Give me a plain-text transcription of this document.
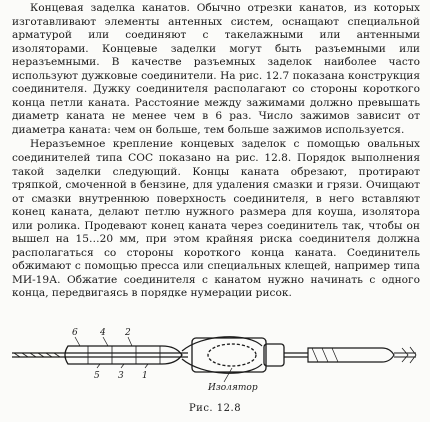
Концевая заделка канатов. Обычно отрезки канатов, из которых изготавливают элементы антенных систем, оснащают специальной арматурой или соединяют с такелажными или антенными изоляторами. Концевые заделки могут быть разъемными или неразъемными. В качестве разъемных заделок наиболее часто используют дужковые соединители. На рис. 12.7 показана конструкция соединителя. Дужку соединителя располагают со стороны короткого конца петли каната. Расстояние между зажимами должно превышать диаметр каната не менее чем в 6 раз. Число зажимов зависит от диаметра каната: чем он больше, тем больше зажимов используется.

Неразъемное крепление концевых заделок с помощью овальных соединителей типа СОС показано на рис. 12.8. Порядок выполнения такой заделки следующий. Концы каната обрезают, протирают тряпкой, смоченной в бензине, для удаления смазки и грязи. Очищают от смазки внутреннюю поверхность соединителя, в него вставляют конец каната, делают петлю нужного размера для коуша, изолятора или ролика. Продевают конец каната через соединитель так, чтобы он вышел на 15…20 мм, при этом крайняя риска соединителя должна располагаться со стороны короткого конца каната. Соединитель обжимают с помощью пресса или специальных клещей, например типа МИ-19А. Обжатие соединителя с канатом нужно начинать с одного конца, передвигаясь в порядке нумерации рисок.

6 4 2
5 3 1
Изолятор
Рис. 12.8
